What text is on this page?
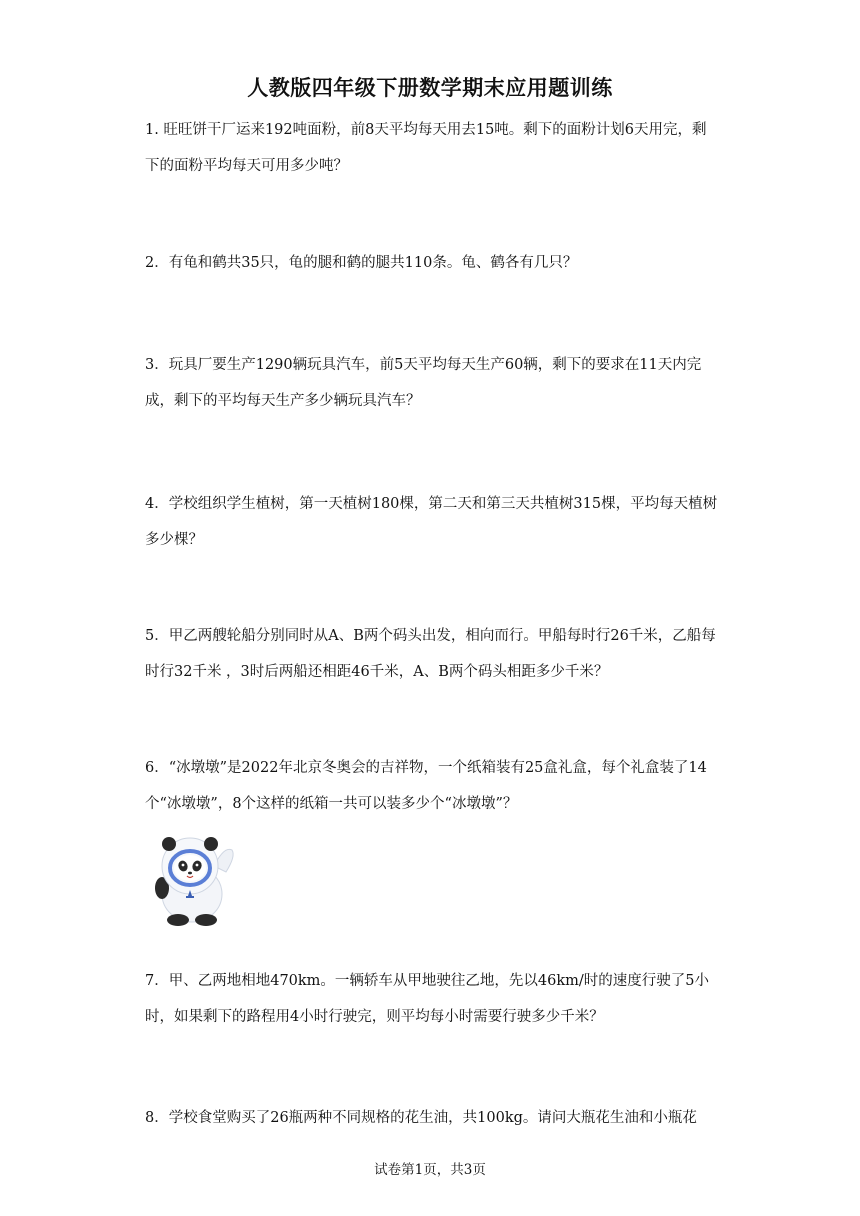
人教版四年级下册数学期末应用题训练

1. 旺旺饼干厂运来192吨面粉，前8天平均每天用去15吨。剩下的面粉计划6天用完，剩下的面粉平均每天可用多少吨？

2．有龟和鹤共35只，龟的腿和鹤的腿共110条。龟、鹤各有几只？

3．玩具厂要生产1290辆玩具汽车，前5天平均每天生产60辆，剩下的要求在11天内完成，剩下的平均每天生产多少辆玩具汽车？

4．学校组织学生植树，第一天植树180棵，第二天和第三天共植树315棵，平均每天植树多少棵？

5．甲乙两艘轮船分别同时从A、B两个码头出发，相向而行。甲船每时行26千米，乙船每时行32千米 ，3时后两船还相距46千米，A、B两个码头相距多少千米？

6．“冰墩墩”是2022年北京冬奥会的吉祥物，一个纸箱装有25盒礼盒，每个礼盒装了14个“冰墩墩”，8个这样的纸箱一共可以装多少个“冰墩墩”？

7．甲、乙两地相地470km。一辆轿车从甲地驶往乙地，先以46km/时的速度行驶了5小时，如果剩下的路程用4小时行驶完，则平均每小时需要行驶多少千米？

8．学校食堂购买了26瓶两种不同规格的花生油，共100kg。请问大瓶花生油和小瓶花

试卷第1页，共3页
